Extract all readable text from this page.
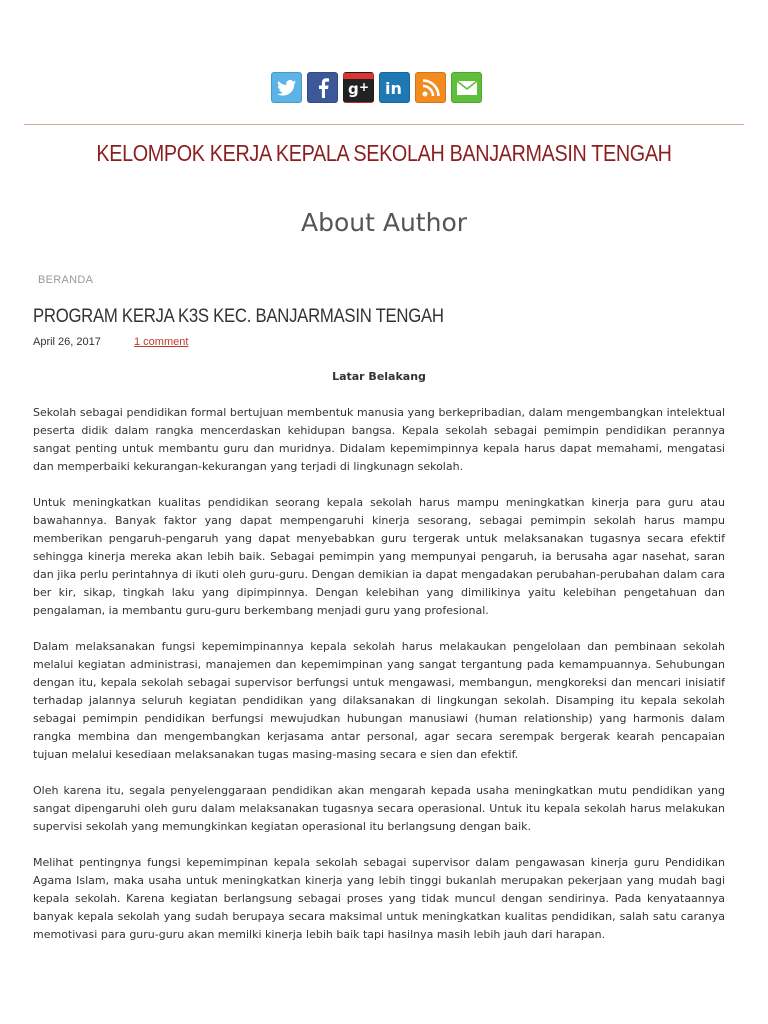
g + in
KELOMPOK KERJA KEPALA SEKOLAH BANJARMASIN TENGAH
About Author
BERANDA
PROGRAM KERJA K3S KEC. BANJARMASIN TENGAH
April 26, 2017	1 comment
Latar Belakang

Sekolah sebagai pendidikan formal bertujuan membentuk manusia yang berkepribadian, dalam mengembangkan intelektual peserta didik dalam rangka mencerdaskan kehidupan bangsa. Kepala sekolah sebagai pemimpin pendidikan perannya sangat penting untuk membantu guru dan muridnya. Didalam kepemimpinnya kepala harus dapat memahami, mengatasi dan memperbaiki kekurangan-kekurangan yang terjadi di lingkunagn sekolah.

Untuk meningkatkan kualitas pendidikan seorang kepala sekolah harus mampu meningkatkan kinerja para guru atau bawahannya. Banyak faktor yang dapat mempengaruhi kinerja sesorang, sebagai pemimpin sekolah harus mampu memberikan pengaruh-pengaruh yang dapat menyebabkan guru tergerak untuk melaksanakan tugasnya secara efektif sehingga kinerja mereka akan lebih baik. Sebagai pemimpin yang mempunyai pengaruh, ia berusaha agar nasehat, saran dan jika perlu perintahnya di ikuti oleh guru-guru. Dengan demikian ia dapat mengadakan perubahan-perubahan dalam cara ber kir, sikap, tingkah laku yang dipimpinnya. Dengan kelebihan yang dimilikinya yaitu kelebihan pengetahuan dan pengalaman, ia membantu guru-guru berkembang menjadi guru yang profesional.

Dalam melaksanakan fungsi kepemimpinannya kepala sekolah harus melakaukan pengelolaan dan pembinaan sekolah melalui kegiatan administrasi, manajemen dan kepemimpinan yang sangat tergantung pada kemampuannya. Sehubungan dengan itu, kepala sekolah sebagai supervisor berfungsi untuk mengawasi, membangun, mengkoreksi dan mencari inisiatif terhadap jalannya seluruh kegiatan pendidikan yang dilaksanakan di lingkungan sekolah. Disamping itu kepala sekolah sebagai pemimpin pendidikan berfungsi mewujudkan hubungan manusiawi (human relationship) yang harmonis dalam rangka membina dan mengembangkan kerjasama antar personal, agar secara serempak bergerak kearah pencapaian tujuan melalui kesediaan melaksanakan tugas masing-masing secara e sien dan efektif.

Oleh karena itu, segala penyelenggaraan pendidikan akan mengarah kepada usaha meningkatkan mutu pendidikan yang sangat dipengaruhi oleh guru dalam melaksanakan tugasnya secara operasional. Untuk itu kepala sekolah harus melakukan supervisi sekolah yang memungkinkan kegiatan operasional itu berlangsung dengan baik.

Melihat pentingnya fungsi kepemimpinan kepala sekolah sebagai supervisor dalam pengawasan kinerja guru Pendidikan Agama Islam, maka usaha untuk meningkatkan kinerja yang lebih tinggi bukanlah merupakan pekerjaan yang mudah bagi kepala sekolah. Karena kegiatan berlangsung sebagai proses yang tidak muncul dengan sendirinya. Pada kenyataannya banyak kepala sekolah yang sudah berupaya secara maksimal untuk meningkatkan kualitas pendidikan, salah satu caranya memotivasi para guru-guru akan memilki kinerja lebih baik tapi hasilnya masih lebih jauh dari harapan.
